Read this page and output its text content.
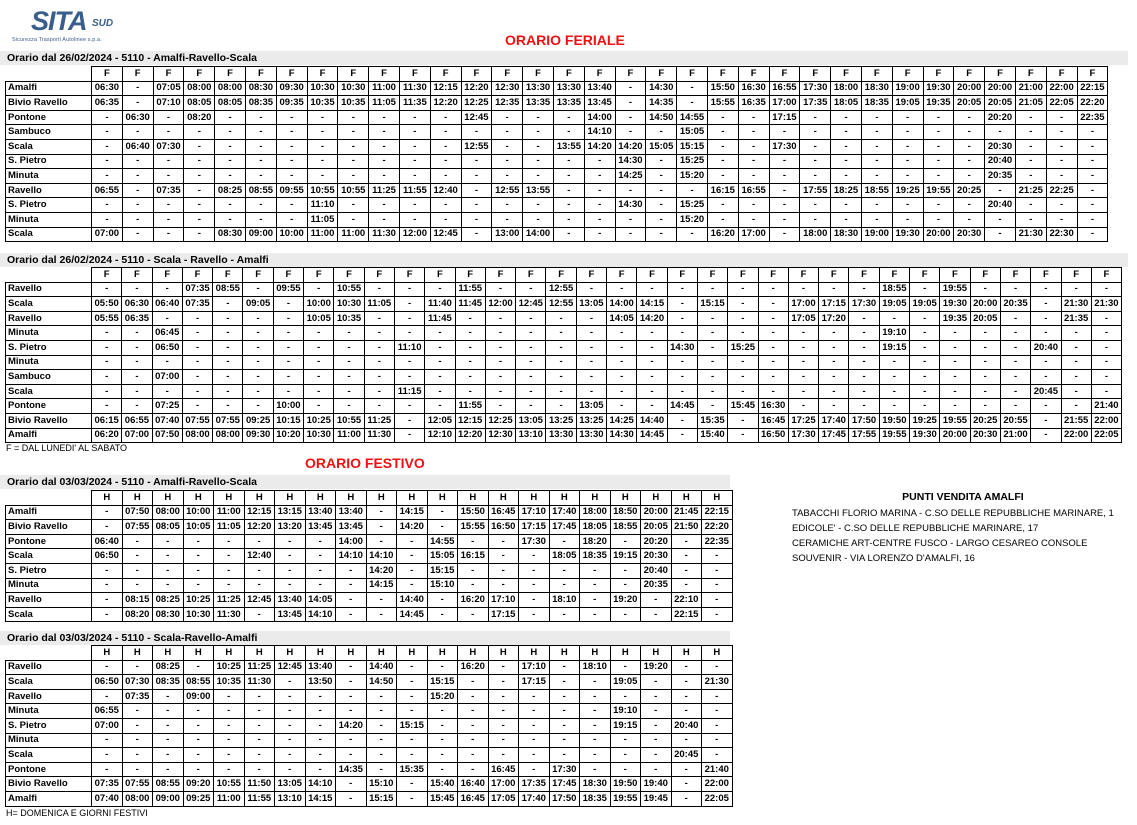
SITA SUD
Sicurezza Trasporti Autolinee s.p.a.	ORARIO FERIALE
ORARIO FESTIVO
Orario dal 26/02/2024 - 5110 - Amalfi-Ravello-Scala
	F	F	F	F	F	F	F	F	F	F	F	F	F	F	F	F	F	F	F	F	F	F	F	F	F	F	F	F	F	F	F	F	F
Amalfi	06:30	-	07:05	08:00	08:00	08:30	09:30	10:30	10:30	11:00	11:30	12:15	12:20	12:30	13:30	13:30	13:40	-	14:30	-	15:50	16:30	16:55	17:30	18:00	18:30	19:00	19:30	20:00	20:00	21:00	22:00	22:15
Bivio Ravello	06:35	-	07:10	08:05	08:05	08:35	09:35	10:35	10:35	11:05	11:35	12:20	12:25	12:35	13:35	13:35	13:45	-	14:35	-	15:55	16:35	17:00	17:35	18:05	18:35	19:05	19:35	20:05	20:05	21:05	22:05	22:20
Pontone	-	06:30	-	08:20	-	-	-	-	-	-	-	-	12:45	-	-	-	14:00	-	14:50	14:55	-	-	17:15	-	-	-	-	-	-	20:20	-	-	22:35
Sambuco	-	-	-	-	-	-	-	-	-	-	-	-	-	-	-	-	14:10	-	-	15:05	-	-	-	-	-	-	-	-	-	-	-	-	-
Scala	-	06:40	07:30	-	-	-	-	-	-	-	-	-	12:55	-	-	13:55	14:20	14:20	15:05	15:15	-	-	17:30	-	-	-	-	-	-	20:30	-	-	-
S. Pietro	-	-	-	-	-	-	-	-	-	-	-	-	-	-	-	-	-	14:30	-	15:25	-	-	-	-	-	-	-	-	-	20:40	-	-	-
Minuta	-	-	-	-	-	-	-	-	-	-	-	-	-	-	-	-	-	14:25	-	15:20	-	-	-	-	-	-	-	-	-	20:35	-	-	-
Ravello	06:55	-	07:35	-	08:25	08:55	09:55	10:55	10:55	11:25	11:55	12:40	-	12:55	13:55	-	-	-	-	-	16:15	16:55	-	17:55	18:25	18:55	19:25	19:55	20:25	-	21:25	22:25	-
S. Pietro	-	-	-	-	-	-	-	11:10	-	-	-	-	-	-	-	-	-	14:30	-	15:25	-	-	-	-	-	-	-	-	-	20:40	-	-	-
Minuta	-	-	-	-	-	-	-	11:05	-	-	-	-	-	-	-	-	-	-	-	15:20	-	-	-	-	-	-	-	-	-	-	-	-	-
Scala	07:00	-	-	-	08:30	09:00	10:00	11:00	11:00	11:30	12:00	12:45	-	13:00	14:00	-	-	-	-	-	16:20	17:00	-	18:00	18:30	19:00	19:30	20:00	20:30	-	21:30	22:30	-
Orario dal 26/02/2024 - 5110 - Scala - Ravello - Amalfi
	F	F	F	F	F	F	F	F	F	F	F	F	F	F	F	F	F	F	F	F	F	F	F	F	F	F	F	F	F	F	F	F	F	F
Ravello	-	-	-	07:35	08:55	-	09:55	-	10:55	-	-	-	11:55	-	-	12:55	-	-	-	-	-	-	-	-	-	-	18:55	-	19:55	-	-	-	-	-
Scala	05:50	06:30	06:40	07:35	-	09:05	-	10:00	10:30	11:05	-	11:40	11:45	12:00	12:45	12:55	13:05	14:00	14:15	-	15:15	-	-	17:00	17:15	17:30	19:05	19:05	19:30	20:00	20:35	-	21:30	21:30
Ravello	05:55	06:35	-	-	-	-	-	10:05	10:35	-	-	11:45	-	-	-	-	-	14:05	14:20	-	-	-	-	17:05	17:20	-	-	-	19:35	20:05	-	-	21:35	-
Minuta	-	-	06:45	-	-	-	-	-	-	-	-	-	-	-	-	-	-	-	-	-	-	-	-	-	-	-	19:10	-	-	-	-	-	-	-
S. Pietro	-	-	06:50	-	-	-	-	-	-	-	11:10	-	-	-	-	-	-	-	-	14:30	-	15:25	-	-	-	-	19:15	-	-	-	-	20:40	-	-
Minuta	-	-	-	-	-	-	-	-	-	-	-	-	-	-	-	-	-	-	-	-	-	-	-	-	-	-	-	-	-	-	-	-	-	-
Sambuco	-	-	07:00	-	-	-	-	-	-	-	-	-	-	-	-	-	-	-	-	-	-	-	-	-	-	-	-	-	-	-	-	-	-	-
Scala	-	-	-	-	-	-	-	-	-	-	11:15	-	-	-	-	-	-	-	-	-	-	-	-	-	-	-	-	-	-	-	-	20:45	-	-
Pontone	-	-	07:25	-	-	-	10:00	-	-	-	-	-	11:55	-	-	-	13:05	-	-	14:45	-	15:45	16:30	-	-	-	-	-	-	-	-	-	-	21:40
Bivio Ravello	06:15	06:55	07:40	07:55	07:55	09:25	10:15	10:25	10:55	11:25	-	12:05	12:15	12:25	13:05	13:25	13:25	14:25	14:40	-	15:35	-	16:45	17:25	17:40	17:50	19:50	19:25	19:55	20:25	20:55	-	21:55	22:00
Amalfi	06:20	07:00	07:50	08:00	08:00	09:30	10:20	10:30	11:00	11:30	-	12:10	12:20	12:30	13:10	13:30	13:30	14:30	14:45	-	15:40	-	16:50	17:30	17:45	17:55	19:55	19:30	20:00	20:30	21:00	-	22:00	22:05
F = DAL LUNEDI' AL SABATO
Orario dal 03/03/2024 - 5110 - Amalfi-Ravello-Scala
	H	H	H	H	H	H	H	H	H	H	H	H	H	H	H	H	H	H	H	H	H
Amalfi	-	07:50	08:00	10:00	11:00	12:15	13:15	13:40	13:40	-	14:15	-	15:50	16:45	17:10	17:40	18:00	18:50	20:00	21:45	22:15
Bivio Ravello	-	07:55	08:05	10:05	11:05	12:20	13:20	13:45	13:45	-	14:20	-	15:55	16:50	17:15	17:45	18:05	18:55	20:05	21:50	22:20
Pontone	06:40	-	-	-	-	-	-	-	14:00	-	-	14:55	-	-	17:30	-	18:20	-	20:20	-	22:35
Scala	06:50	-	-	-	-	12:40	-	-	14:10	14:10	-	15:05	16:15	-	-	18:05	18:35	19:15	20:30	-	-
S. Pietro	-	-	-	-	-	-	-	-	-	14:20	-	15:15	-	-	-	-	-	-	20:40	-	-
Minuta	-	-	-	-	-	-	-	-	-	14:15	-	15:10	-	-	-	-	-	-	20:35	-	-
Ravello	-	08:15	08:25	10:25	11:25	12:45	13:40	14:05	-	-	14:40	-	16:20	17:10	-	18:10	-	19:20	-	22:10	-
Scala	-	08:20	08:30	10:30	11:30	-	13:45	14:10	-	-	14:45	-	-	17:15	-	-	-	-	-	22:15	-
Orario dal 03/03/2024 - 5110 - Scala-Ravello-Amalfi
	H	H	H	H	H	H	H	H	H	H	H	H	H	H	H	H	H	H	H	H	H
Ravello	-	-	08:25	-	10:25	11:25	12:45	13:40	-	14:40	-	-	16:20	-	17:10	-	18:10	-	19:20	-	-
Scala	06:50	07:30	08:35	08:55	10:35	11:30	-	13:50	-	14:50	-	15:15	-	-	17:15	-	-	19:05	-	-	21:30
Ravello	-	07:35	-	09:00	-	-	-	-	-	-	-	15:20	-	-	-	-	-	-	-	-	-
Minuta	06:55	-	-	-	-	-	-	-	-	-	-	-	-	-	-	-	-	19:10	-	-	-
S. Pietro	07:00	-	-	-	-	-	-	-	14:20	-	15:15	-	-	-	-	-	-	19:15	-	20:40	-
Minuta	-	-	-	-	-	-	-	-	-	-	-	-	-	-	-	-	-	-	-	-	-
Scala	-	-	-	-	-	-	-	-	-	-	-	-	-	-	-	-	-	-	-	20:45	-
Pontone	-	-	-	-	-	-	-	-	14:35	-	15:35	-	-	16:45	-	17:30	-	-	-	-	21:40
Bivio Ravello	07:35	07:55	08:55	09:20	10:55	11:50	13:05	14:10	-	15:10	-	15:40	16:40	17:00	17:35	17:45	18:30	19:50	19:40	-	22:00
Amalfi	07:40	08:00	09:00	09:25	11:00	11:55	13:10	14:15	-	15:15	-	15:45	16:45	17:05	17:40	17:50	18:35	19:55	19:45	-	22:05
H= DOMENICA E GIORNI FESTIVI
PUNTI VENDITA AMALFI
TABACCHI FLORIO MARINA - C.SO DELLE REPUBBLICHE MARINARE, 1
EDICOLE' - C.SO DELLE REPUBBLICHE MARINARE, 17
CERAMICHE ART-CENTRE FUSCO - LARGO CESAREO CONSOLE
SOUVENIR - VIA LORENZO D'AMALFI, 16
